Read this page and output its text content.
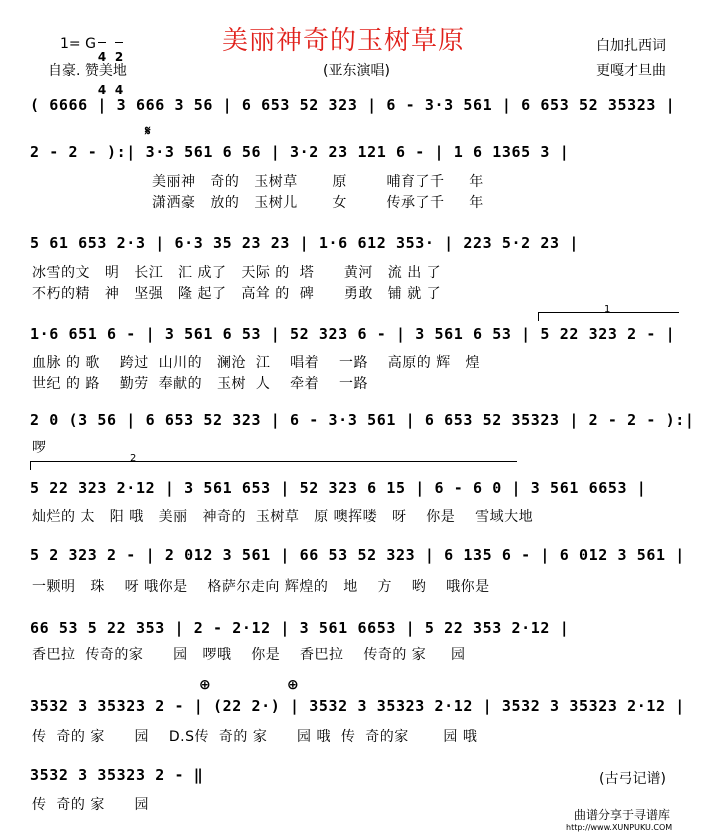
1= G

4

4

2

4

美丽神奇的玉树草原	白加扎西词
自豪. 赞美地	(亚东演唱)	更嘎才旦曲
( 6666 | 3 666 3 56 | 6 653 52 323 | 6 - 3·3 561 | 6 653 52 35323 |
𝄋
2 - 2 - ):| 3·3 561 6 56 | 3·2 23 121 6 - | 1 6 1365 3 |
美丽神   奇的   玉树草       原        哺育了千     年
潇洒豪   放的   玉树儿       女        传承了千     年
5 61 653 2·3 | 6·3 35 23 23 | 1·6 612 353· | 223 5·2 23 |
冰雪的文   明   长江   汇 成了   天际 的  塔      黄河   流 出 了
不朽的精   神   坚强   隆 起了   高耸 的  碑      勇敢   铺 就 了
1
1·6 651 6 - | 3 561 6 53 | 52 323 6 - | 3 561 6 53 | 5 22 323 2 - |
血脉 的 歌    跨过  山川的   澜沧  江    唱着    一路    高原的 辉   煌
世纪 的 路    勤劳  奉献的   玉树  人    牵着    一路
2 0 (3 56 | 6 653 52 323 | 6 - 3·3 561 | 6 653 52 35323 | 2 - 2 - ):|
啰
2
5 22 323 2·12 | 3 561 653 | 52 323 6 15 | 6 - 6 0 | 3 561 6653 |
灿烂的 太   阳 哦   美丽   神奇的  玉树草   原 噢挥喽   呀    你是    雪域大地
5 2 323 2 - | 2 012 3 561 | 66 53 52 323 | 6 135 6 - | 6 012 3 561 |
一颗明   珠    呀 哦你是    格萨尔走向 辉煌的   地    方    哟    哦你是
66 53 5 22 353 | 2 - 2·12 | 3 561 6653 | 5 22 353 2·12 |
香巴拉  传奇的家      园   啰哦    你是    香巴拉    传奇的 家     园
⊕	⊕
3532 3 35323 2 - | (22 2·) | 3532 3 35323 2·12 | 3532 3 35323 2·12 |
传  奇的 家      园    D.S传  奇的 家      园 哦  传  奇的家       园 哦
3532 3 35323 2 - ‖
传  奇的 家      园
(古弓记谱)
曲谱分享于寻谱库
http://www.XUNPUKU.COM
